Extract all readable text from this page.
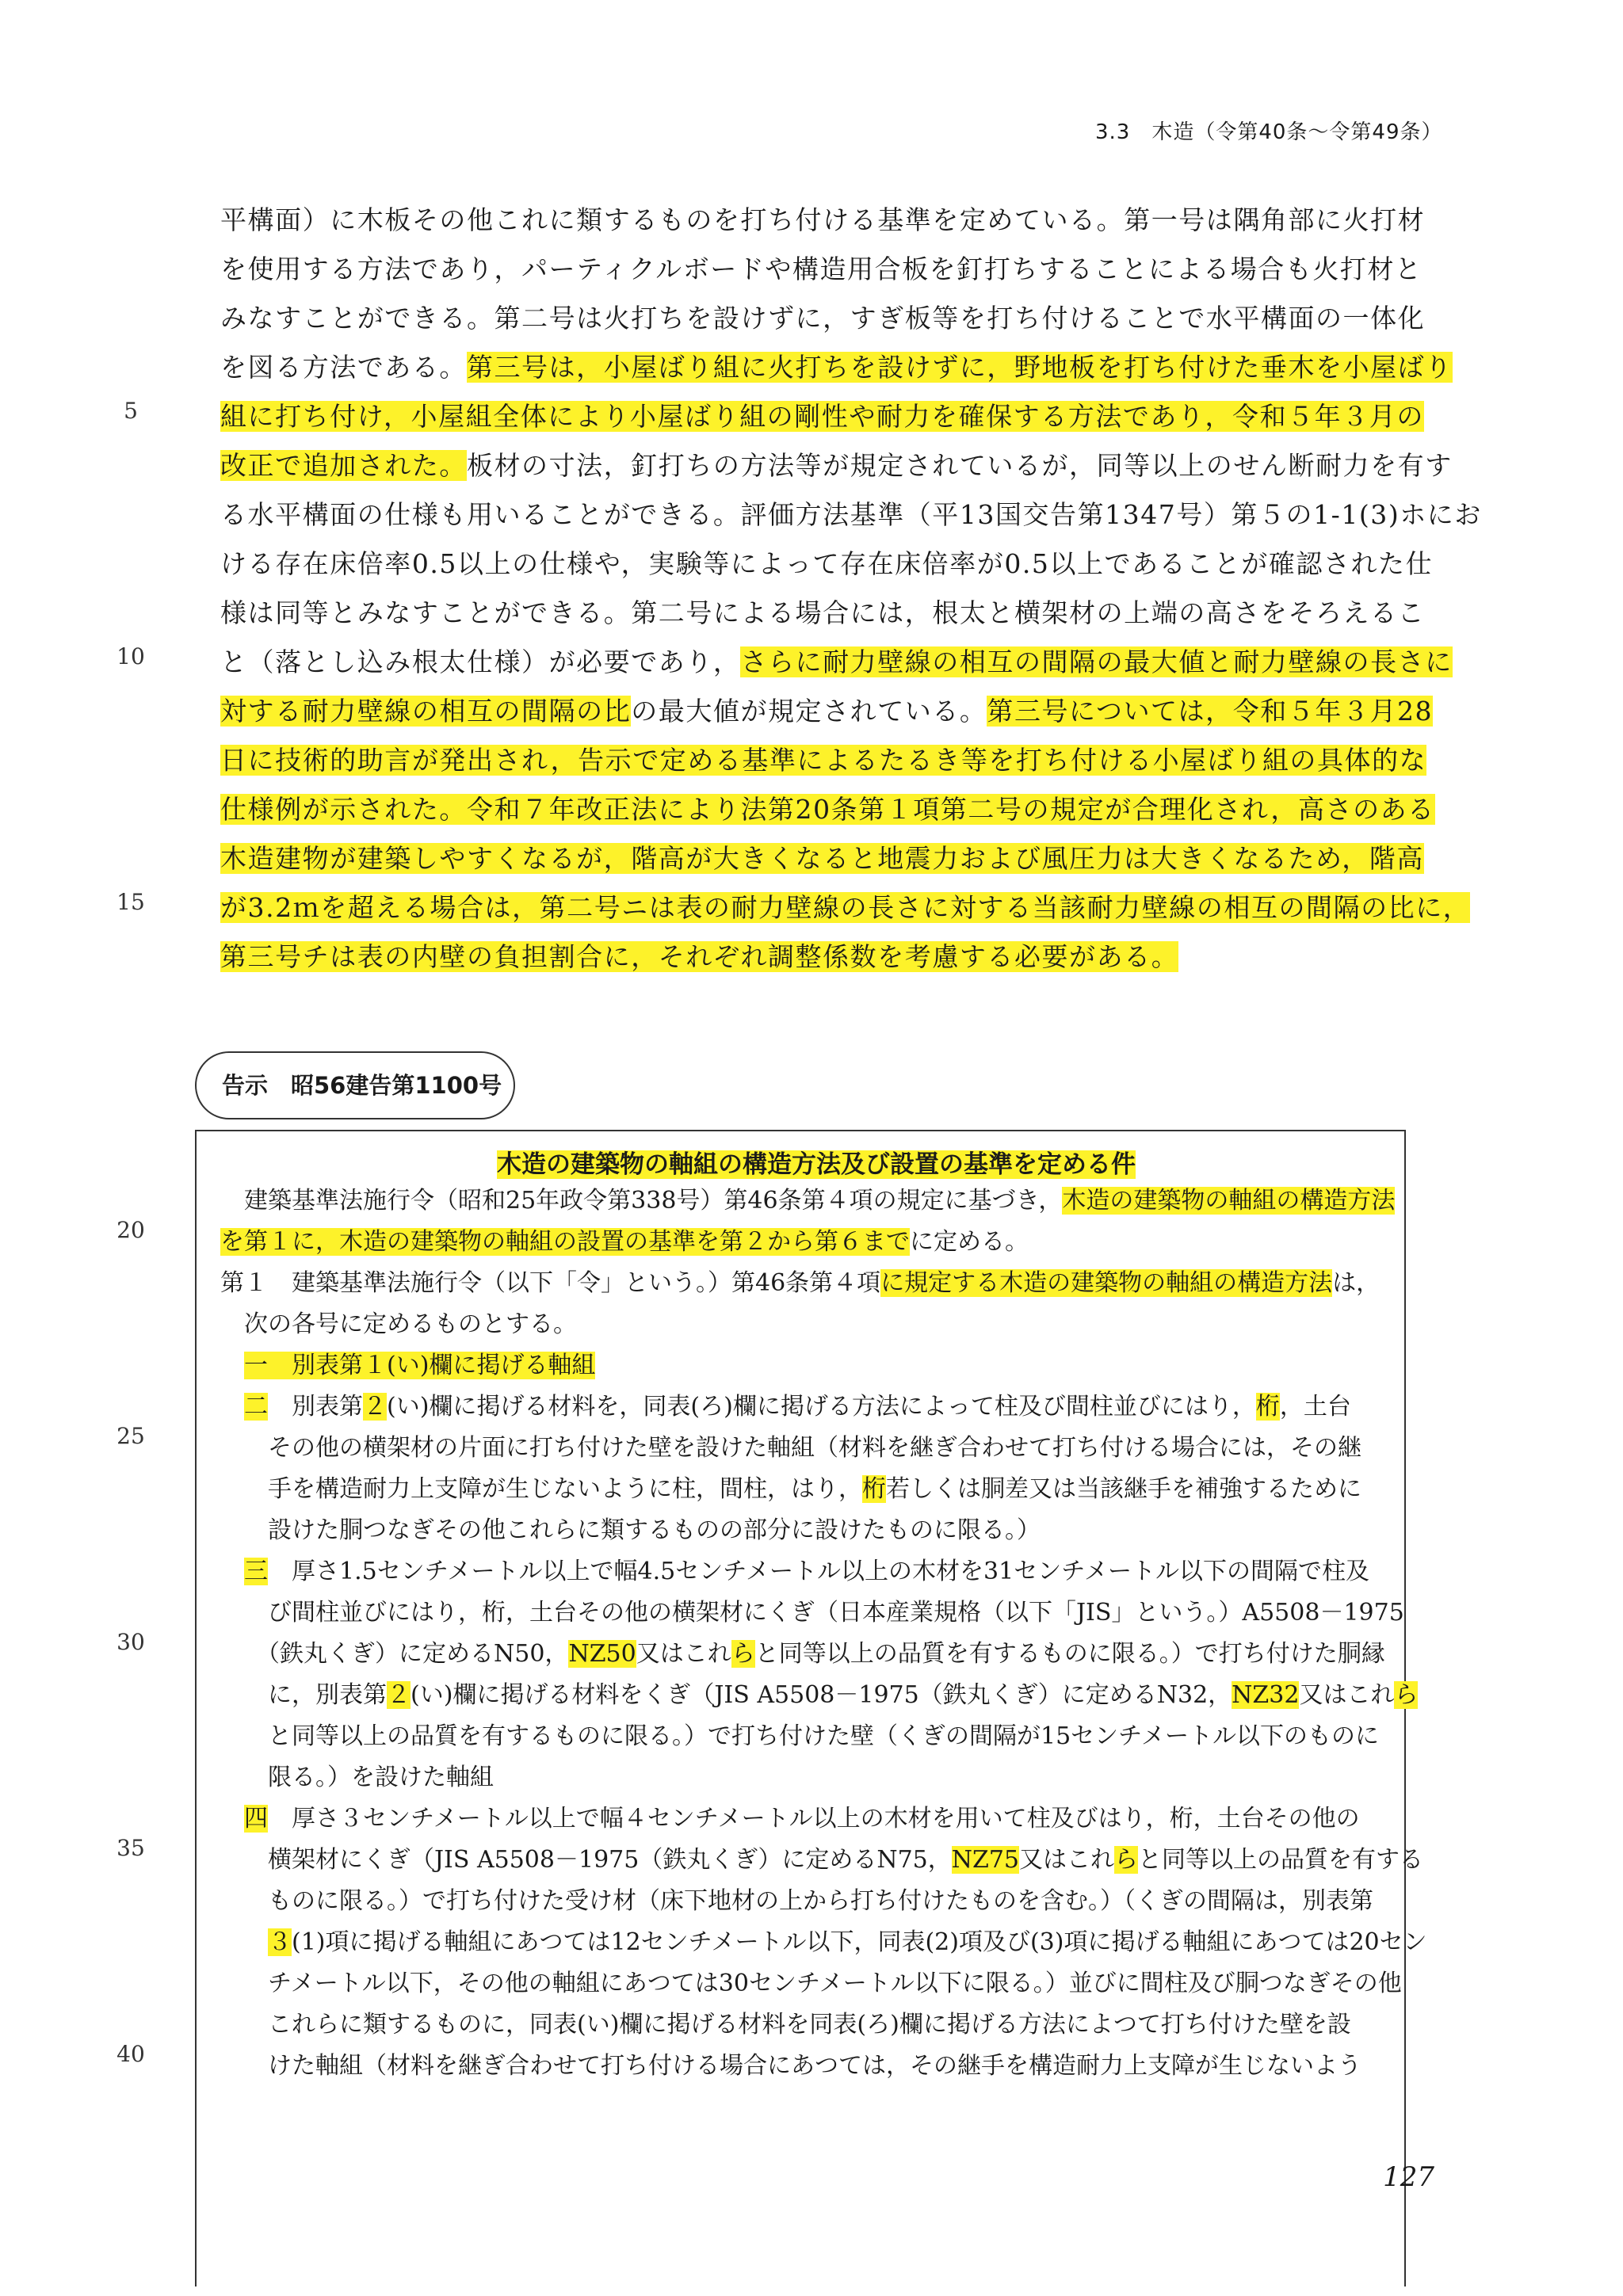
3.3　木造（令第40条～令第49条）
平構面）に木板その他これに類するものを打ち付ける基準を定めている。第一号は隅角部に火打材
を使用する方法であり，パーティクルボードや構造用合板を釘打ちすることによる場合も火打材と
みなすことができる。第二号は火打ちを設けずに，すぎ板等を打ち付けることで水平構面の一体化
を図る方法である。第三号は，小屋ばり組に火打ちを設けずに，野地板を打ち付けた垂木を小屋ばり
組に打ち付け，小屋組全体により小屋ばり組の剛性や耐力を確保する方法であり，令和５年３月の
改正で追加された。板材の寸法，釘打ちの方法等が規定されているが，同等以上のせん断耐力を有す
る水平構面の仕様も用いることができる。評価方法基準（平13国交告第1347号）第５の1-1(3)ホにお
ける存在床倍率0.5以上の仕様や，実験等によって存在床倍率が0.5以上であることが確認された仕
様は同等とみなすことができる。第二号による場合には，根太と横架材の上端の高さをそろえるこ
と（落とし込み根太仕様）が必要であり，さらに耐力壁線の相互の間隔の最大値と耐力壁線の長さに
対する耐力壁線の相互の間隔の比の最大値が規定されている。第三号については，令和５年３月28
日に技術的助言が発出され，告示で定める基準によるたるき等を打ち付ける小屋ばり組の具体的な
仕様例が示された。令和７年改正法により法第20条第１項第二号の規定が合理化され，高さのある
木造建物が建築しやすくなるが，階高が大きくなると地震力および風圧力は大きくなるため，階高
が3.2ｍを超える場合は，第二号ニは表の耐力壁線の長さに対する当該耐力壁線の相互の間隔の比に，
第三号チは表の内壁の負担割合に，それぞれ調整係数を考慮する必要がある。
5
10
15
20
25
30
35
40
告示　昭56建告第1100号
木造の建築物の軸組の構造方法及び設置の基準を定める件
　建築基準法施行令（昭和25年政令第338号）第46条第４項の規定に基づき，木造の建築物の軸組の構造方法
を第１に，木造の建築物の軸組の設置の基準を第２から第６までに定める。
第１　建築基準法施行令（以下「令」という。）第46条第４項に規定する木造の建築物の軸組の構造方法は，
　次の各号に定めるものとする。
　一　別表第１(い)欄に掲げる軸組
　二　別表第２(い)欄に掲げる材料を，同表(ろ)欄に掲げる方法によって柱及び間柱並びにはり，桁，土台
　　その他の横架材の片面に打ち付けた壁を設けた軸組（材料を継ぎ合わせて打ち付ける場合には，その継
　　手を構造耐力上支障が生じないように柱，間柱，はり，桁若しくは胴差又は当該継手を補強するために
　　設けた胴つなぎその他これらに類するものの部分に設けたものに限る。）
　三　厚さ1.5センチメートル以上で幅4.5センチメートル以上の木材を31センチメートル以下の間隔で柱及
　　び間柱並びにはり，桁，土台その他の横架材にくぎ（日本産業規格（以下「JIS」という。）A5508－1975
　　（鉄丸くぎ）に定めるN50，NZ50又はこれらと同等以上の品質を有するものに限る。）で打ち付けた胴縁
　　に，別表第２(い)欄に掲げる材料をくぎ（JIS A5508－1975（鉄丸くぎ）に定めるN32，NZ32又はこれら
　　と同等以上の品質を有するものに限る。）で打ち付けた壁（くぎの間隔が15センチメートル以下のものに
　　限る。）を設けた軸組
　四　厚さ３センチメートル以上で幅４センチメートル以上の木材を用いて柱及びはり，桁，土台その他の
　　横架材にくぎ（JIS A5508－1975（鉄丸くぎ）に定めるN75，NZ75又はこれらと同等以上の品質を有する
　　ものに限る。）で打ち付けた受け材（床下地材の上から打ち付けたものを含む。）（くぎの間隔は，別表第
　　３(1)項に掲げる軸組にあつては12センチメートル以下，同表(2)項及び(3)項に掲げる軸組にあつては20セン
　　チメートル以下，その他の軸組にあつては30センチメートル以下に限る。）並びに間柱及び胴つなぎその他
　　これらに類するものに，同表(い)欄に掲げる材料を同表(ろ)欄に掲げる方法によつて打ち付けた壁を設
　　けた軸組（材料を継ぎ合わせて打ち付ける場合にあつては，その継手を構造耐力上支障が生じないよう
127
